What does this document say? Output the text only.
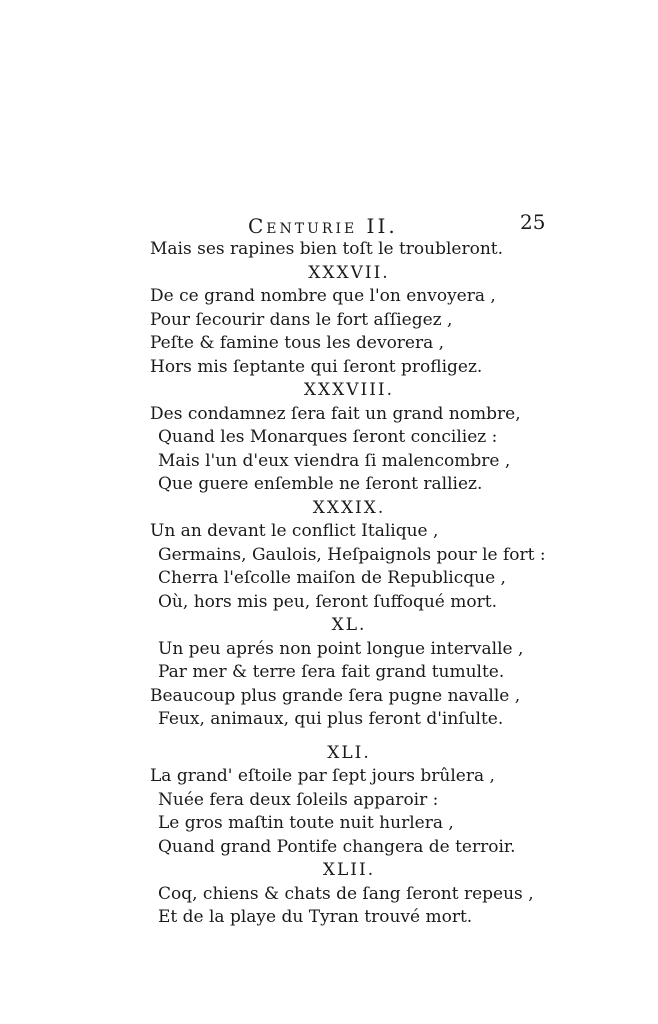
Centurie II.	25
Mais ses rapines bien toſt le troubleront.
XXXVII.
De ce grand nombre que l'on envoyera ,
Pour ſecourir dans le fort aſſiegez ,
Peſte & famine tous les devorera ,
Hors mis ſeptante qui ſeront profligez.
XXXVIII.
Des condamnez ſera fait un grand nombre,
Quand les Monarques ſeront conciliez :
Mais l'un d'eux viendra ſi malencombre ,
Que guere enſemble ne ſeront ralliez.
XXXIX.
Un an devant le conflict Italique ,
Germains, Gaulois, Heſpaignols pour le fort :
Cherra l'eſcolle maiſon de Republicque ,
Où, hors mis peu, ſeront ſuffoqué mort.
XL.
Un peu aprés non point longue intervalle ,
Par mer & terre ſera fait grand tumulte.
Beaucoup plus grande ſera pugne navalle ,
Feux, animaux, qui plus feront d'inſulte.
XLI.
La grand' eſtoile par ſept jours brûlera ,
Nuée fera deux ſoleils apparoir :
Le gros maſtin toute nuit hurlera ,
Quand grand Pontife changera de terroir.
XLII.
Coq, chiens & chats de ſang ſeront repeus ,
Et de la playe du Tyran trouvé mort.
